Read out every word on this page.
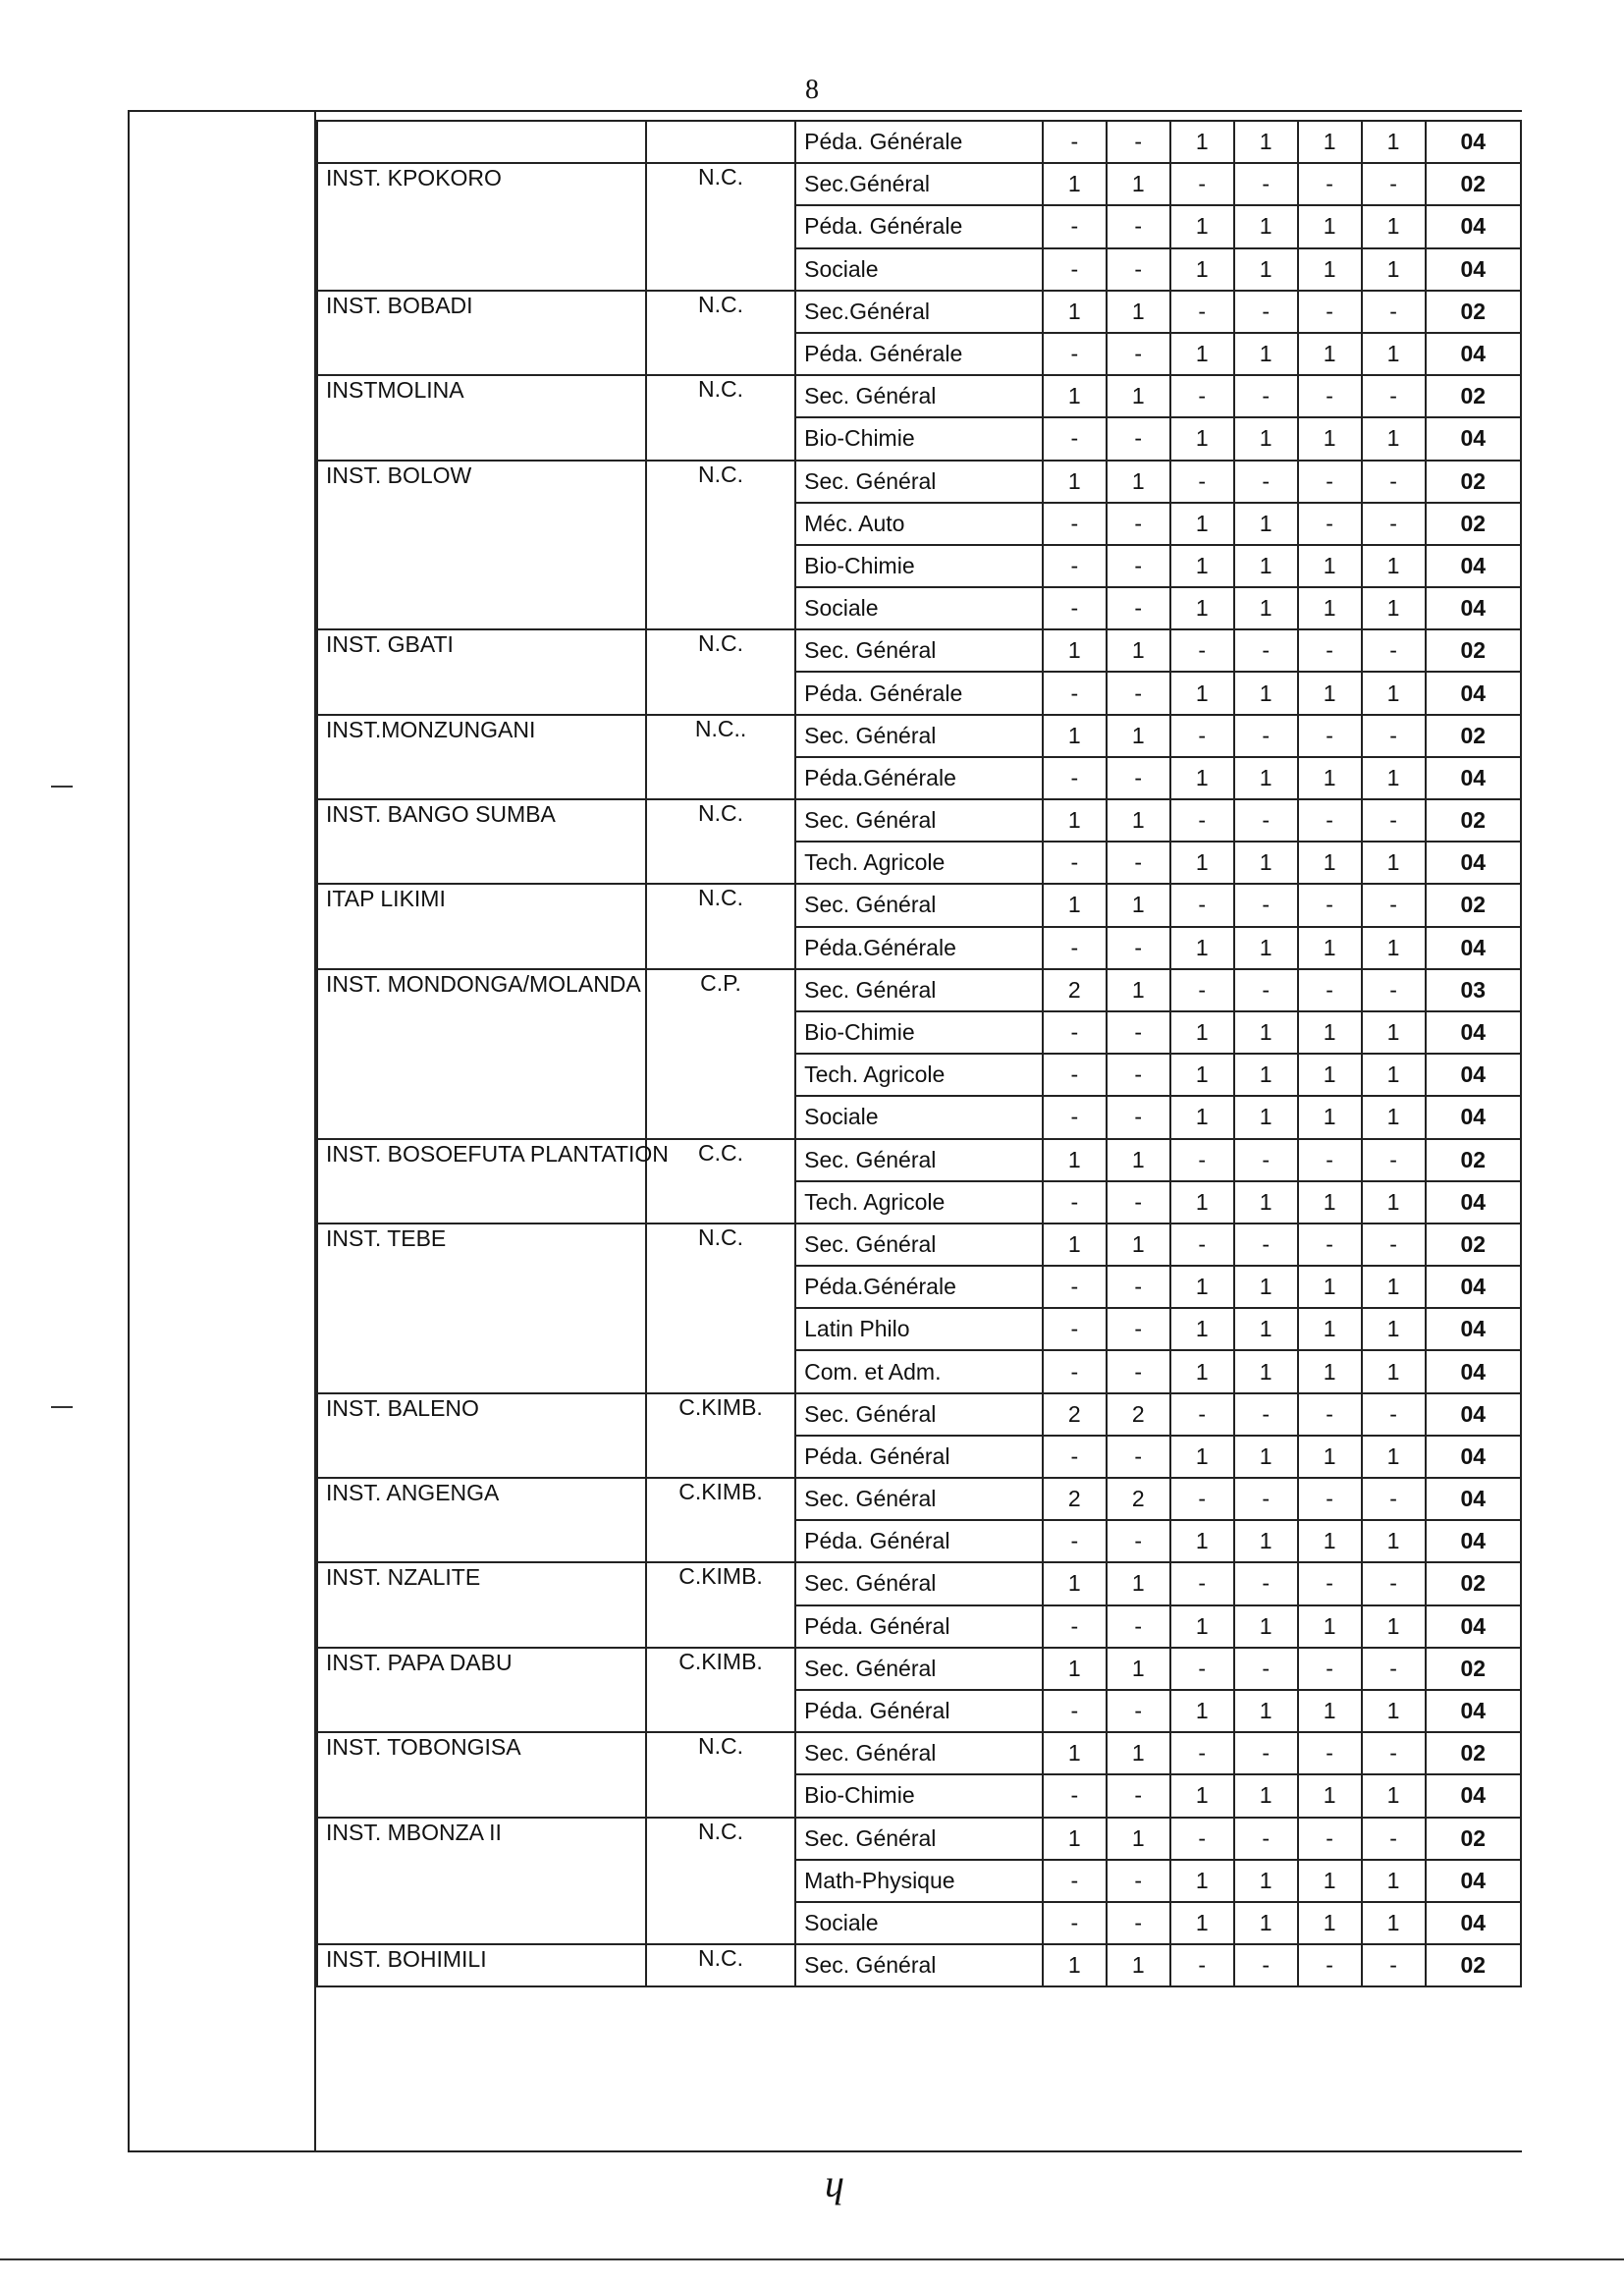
8
		Péda. Générale	-	-	1	1	1	1	04
INST. KPOKORO	N.C.	Sec.Général	1	1	-	-	-	-	02
		Péda. Générale	-	-	1	1	1	1	04
		Sociale	-	-	1	1	1	1	04
INST. BOBADI	N.C.	Sec.Général	1	1	-	-	-	-	02
		Péda. Générale	-	-	1	1	1	1	04
INSTMOLINA	N.C.	Sec. Général	1	1	-	-	-	-	02
		Bio-Chimie	-	-	1	1	1	1	04
INST. BOLOW	N.C.	Sec. Général	1	1	-	-	-	-	02
		Méc. Auto	-	-	1	1	-	-	02
		Bio-Chimie	-	-	1	1	1	1	04
		Sociale	-	-	1	1	1	1	04
INST. GBATI	N.C.	Sec. Général	1	1	-	-	-	-	02
		Péda. Générale	-	-	1	1	1	1	04
INST.MONZUNGANI	N.C..	Sec. Général	1	1	-	-	-	-	02
		Péda.Générale	-	-	1	1	1	1	04
INST. BANGO SUMBA	N.C.	Sec. Général	1	1	-	-	-	-	02
		Tech. Agricole	-	-	1	1	1	1	04
ITAP LIKIMI	N.C.	Sec. Général	1	1	-	-	-	-	02
		Péda.Générale	-	-	1	1	1	1	04
INST. MONDONGA/MOLANDA	C.P.	Sec. Général	2	1	-	-	-	-	03
		Bio-Chimie	-	-	1	1	1	1	04
		Tech. Agricole	-	-	1	1	1	1	04
		Sociale	-	-	1	1	1	1	04
INST. BOSOEFUTA PLANTATION	C.C.	Sec. Général	1	1	-	-	-	-	02
		Tech. Agricole	-	-	1	1	1	1	04
INST. TEBE	N.C.	Sec. Général	1	1	-	-	-	-	02
		Péda.Générale	-	-	1	1	1	1	04
		Latin Philo	-	-	1	1	1	1	04
		Com. et Adm.	-	-	1	1	1	1	04
INST. BALENO	C.KIMB.	Sec. Général	2	2	-	-	-	-	04
		Péda. Général	-	-	1	1	1	1	04
INST. ANGENGA	C.KIMB.	Sec. Général	2	2	-	-	-	-	04
		Péda. Général	-	-	1	1	1	1	04
INST. NZALITE	C.KIMB.	Sec. Général	1	1	-	-	-	-	02
		Péda. Général	-	-	1	1	1	1	04
INST. PAPA DABU	C.KIMB.	Sec. Général	1	1	-	-	-	-	02
		Péda. Général	-	-	1	1	1	1	04
INST. TOBONGISA	N.C.	Sec. Général	1	1	-	-	-	-	02
		Bio-Chimie	-	-	1	1	1	1	04
INST. MBONZA II	N.C.	Sec. Général	1	1	-	-	-	-	02
		Math-Physique	-	-	1	1	1	1	04
		Sociale	-	-	1	1	1	1	04
INST. BOHIMILI	N.C.	Sec. Général	1	1	-	-	-	-	02
ɥ
